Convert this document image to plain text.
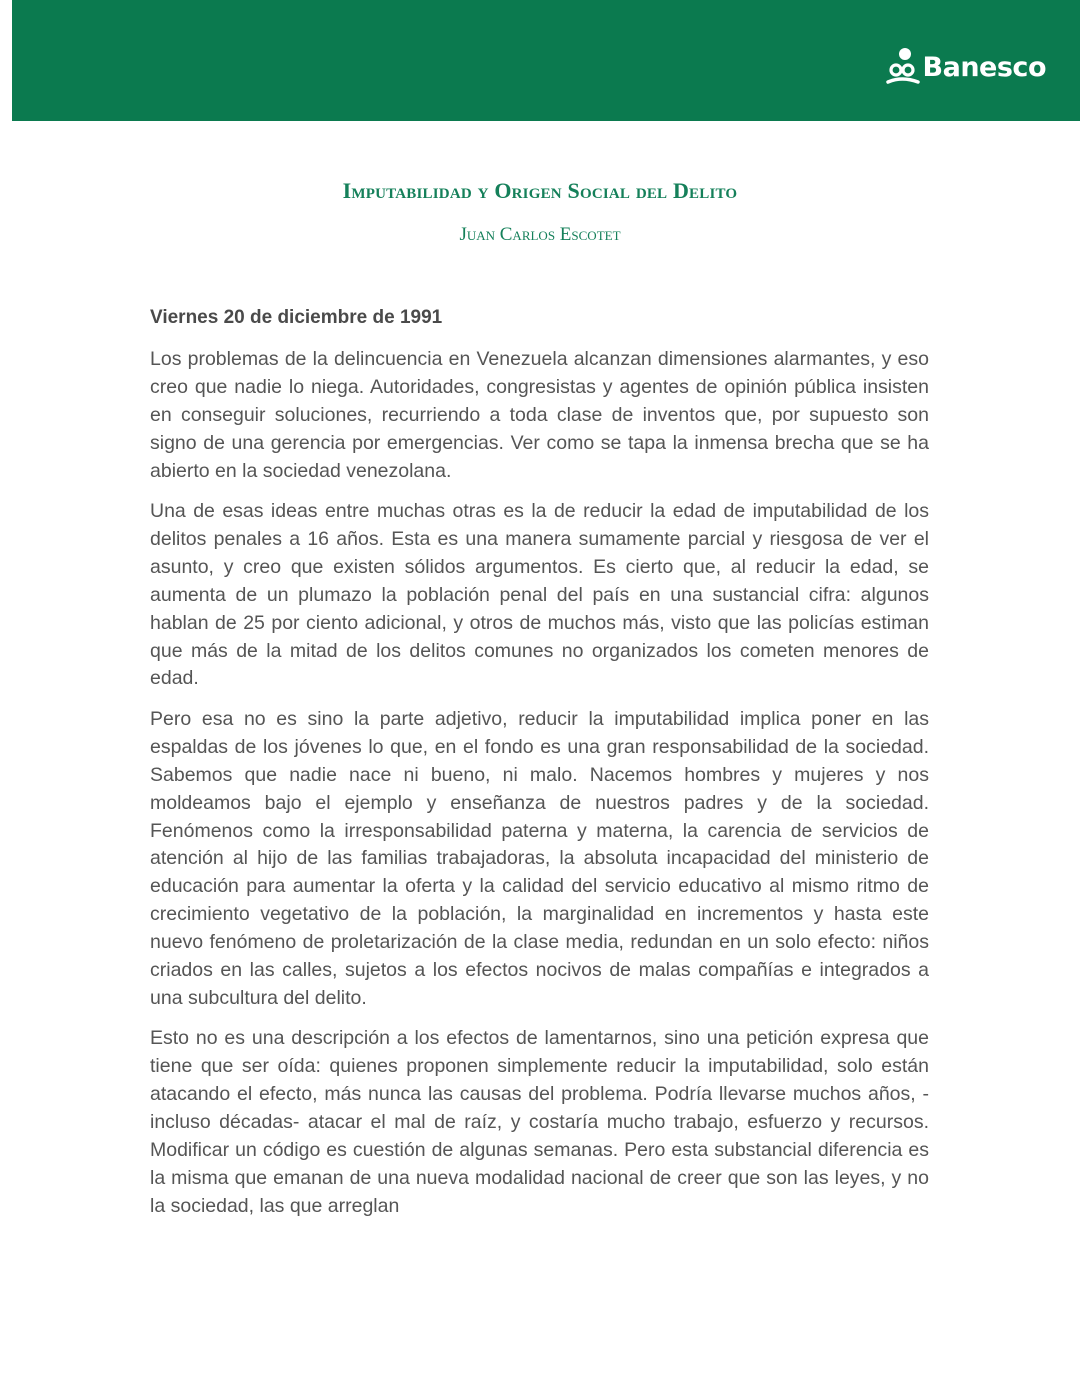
Banesco
Imputabilidad y Origen Social del Delito
Juan Carlos Escotet

Viernes 20 de diciembre de 1991

Los problemas de la delincuencia en Venezuela alcanzan dimensiones alarmantes, y eso creo que nadie lo niega. Autoridades, congresistas y agentes de opinión pública insisten en conseguir soluciones, recurriendo a toda clase de inventos que, por supuesto son signo de una gerencia por emergencias. Ver como se tapa la inmensa brecha que se ha abierto en la sociedad venezolana.

Una de esas ideas entre muchas otras es la de reducir la edad de imputabilidad de los delitos penales a 16 años. Esta es una manera sumamente parcial y riesgosa de ver el asunto, y creo que existen sólidos argumentos. Es cierto que, al reducir la edad, se aumenta de un plumazo la población penal del país en una sustancial cifra: algunos hablan de 25 por ciento adicional, y otros de muchos más, visto que las policías estiman que más de la mitad de los delitos comunes no organizados los cometen menores de edad.

Pero esa no es sino la parte adjetivo, reducir la imputabilidad implica poner en las espaldas de los jóvenes lo que, en el fondo es una gran responsabilidad de la sociedad. Sabemos que nadie nace ni bueno, ni malo. Nacemos hombres y mujeres y nos moldeamos bajo el ejemplo y enseñanza de nuestros padres y de la sociedad. Fenómenos como la irresponsabilidad paterna y materna, la carencia de servicios de atención al hijo de las familias trabajadoras, la absoluta incapacidad del ministerio de educación para aumentar la oferta y la calidad del servicio educativo al mismo ritmo de crecimiento vegetativo de la población, la marginalidad en incrementos y hasta este nuevo fenómeno de proletarización de la clase media, redundan en un solo efecto: niños criados en las calles, sujetos a los efectos nocivos de malas compañías e integrados a una subcultura del delito.

Esto no es una descripción a los efectos de lamentarnos, sino una petición expresa que tiene que ser oída: quienes proponen simplemente reducir la imputabilidad, solo están atacando el efecto, más nunca las causas del problema. Podría llevarse muchos años, -incluso décadas- atacar el mal de raíz, y costaría mucho trabajo, esfuerzo y recursos. Modificar un código es cuestión de algunas semanas. Pero esta substancial diferencia es la misma que emanan de una nueva modalidad nacional de creer que son las leyes, y no la sociedad, las que arreglan
